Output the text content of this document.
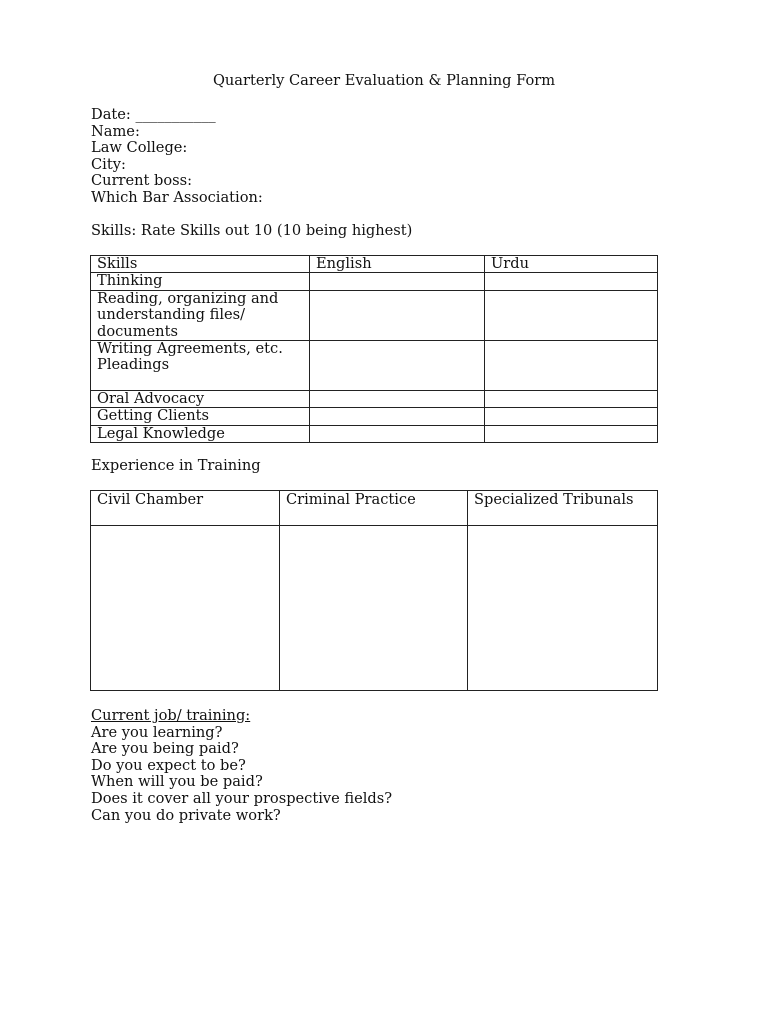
Quarterly Career Evaluation & Planning Form
Date: ___________
Name:
Law College:
City:
Current boss:
Which Bar Association:
Skills: Rate Skills out 10 (10 being highest)
Skills	English	Urdu
Thinking		
Reading, organizing and understanding files/ documents		
Writing Agreements, etc. Pleadings		
Oral Advocacy		
Getting Clients		
Legal Knowledge		
Experience in Training
Civil Chamber	Criminal Practice	Specialized Tribunals

Current job/ training:
Are you learning?
Are you being paid?
Do you expect to be?
When will you be paid?
Does it cover all your prospective fields?
Can you do private work?
